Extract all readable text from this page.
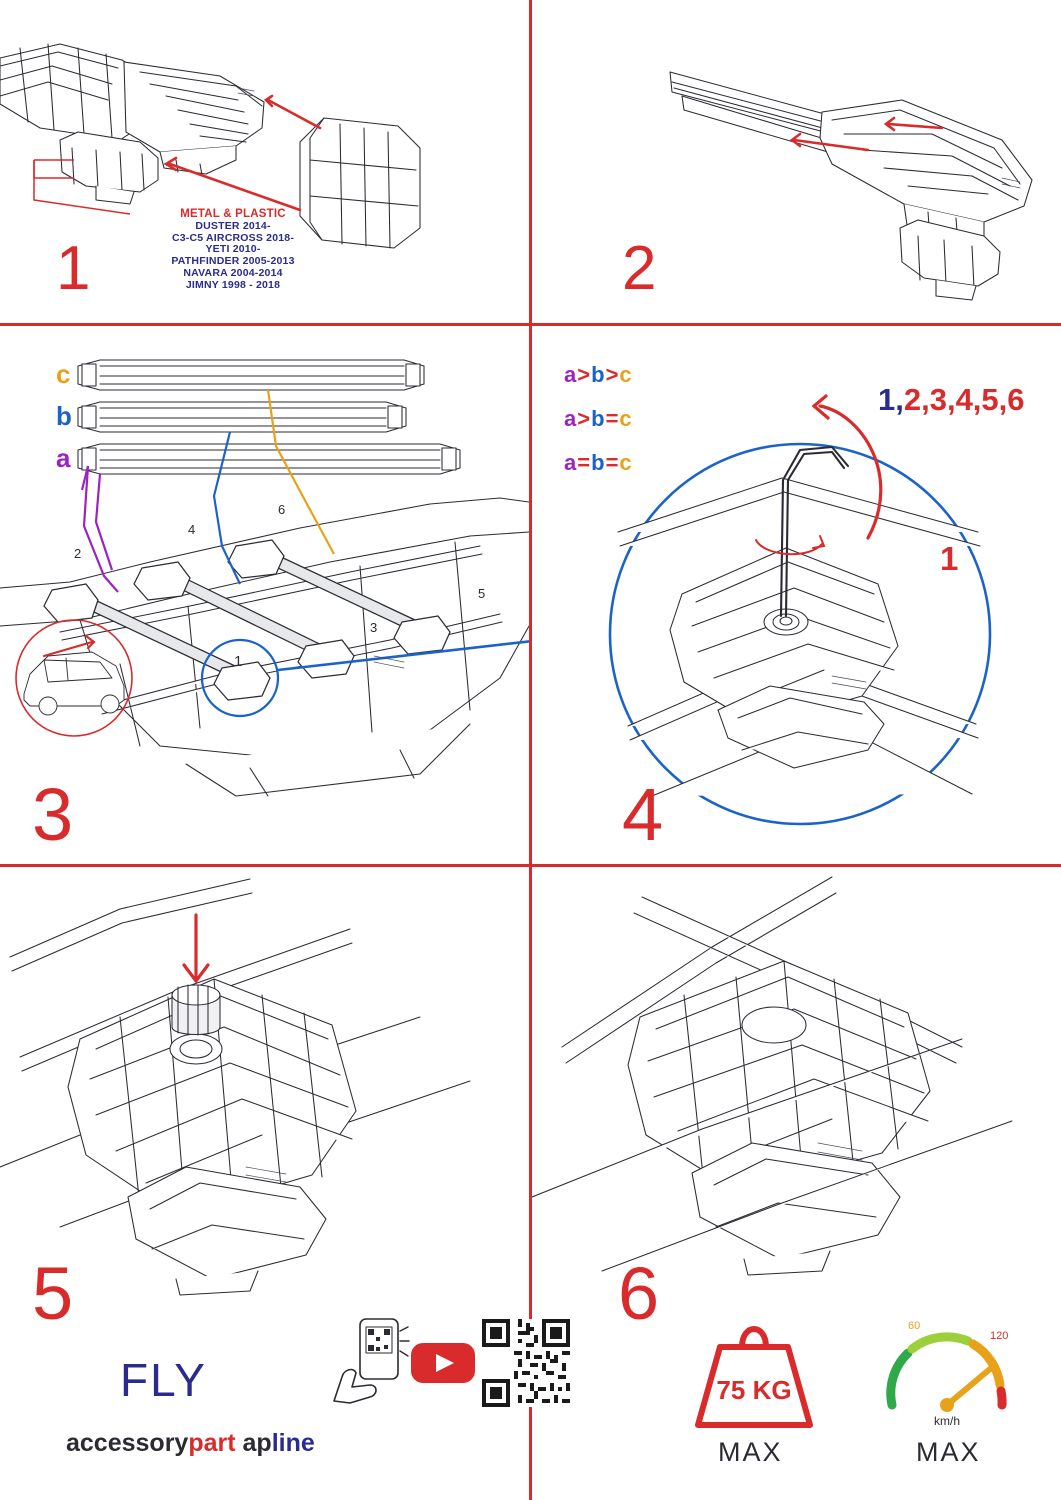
METAL & PLASTIC
DUSTER 2014-
C3-C5 AIRCROSS 2018-
YETI 2010-
PATHFINDER 2005-2013
NAVARA 2004-2014
JIMNY 1998 - 2018
1	2
2
4
6
3
5
1
c
b
a
a>b>c
a>b=c
a=b=c
3
1,2,3,4,5,6
1
4
5
FLY
accessorypart apline
6
75 KG
MAX
60
120
km/h
MAX
